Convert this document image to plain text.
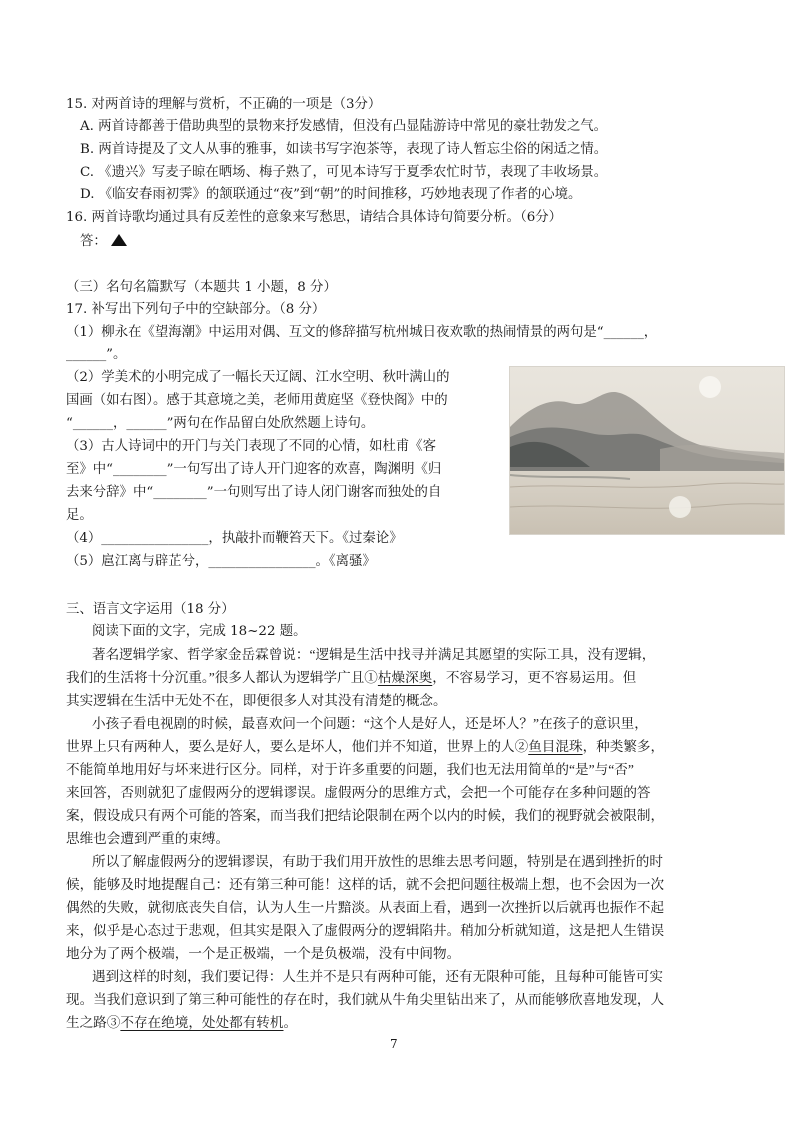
15. 对两首诗的理解与赏析，不正确的一项是（3分）
A. 两首诗都善于借助典型的景物来抒发感情，但没有凸显陆游诗中常见的豪壮勃发之气。
B. 两首诗提及了文人从事的雅事，如读书写字泡茶等，表现了诗人暂忘尘俗的闲适之情。
C. 《遗兴》写麦子晾在晒场、梅子熟了，可见本诗写于夏季农忙时节，表现了丰收场景。
D. 《临安春雨初霁》的颔联通过“夜”到“朝”的时间推移，巧妙地表现了作者的心境。
16. 两首诗歌均通过具有反差性的意象来写愁思，请结合具体诗句简要分析。（6分）
答：
（三）名句名篇默写（本题共 1 小题，8 分）
17. 补写出下列句子中的空缺部分。（8 分）
（1）柳永在《望海潮》中运用对偶、互文的修辞描写杭州城日夜欢歌的热闹情景的两句是“______，
______”。
（2）学美术的小明完成了一幅长天辽阔、江水空明、秋叶满山的
国画（如右图）。感于其意境之美，老师用黄庭坚《登快阁》中的
“______，______”两句在作品留白处欣然题上诗句。
（3）古人诗词中的开门与关门表现了不同的心情，如杜甫《客
至》中“________”一句写出了诗人开门迎客的欢喜，陶渊明《归
去来兮辞》中“________”一句则写出了诗人闭门谢客而独处的自
足。
（4）________________，执敲扑而鞭笞天下。《过秦论》
（5）扈江离与辟芷兮，________________。《离骚》
三、语言文字运用（18 分）
阅读下面的文字，完成 18~22 题。
著名逻辑学家、哲学家金岳霖曾说：“逻辑是生活中找寻并满足其愿望的实际工具，没有逻辑，
我们的生活将十分沉重。”很多人都认为逻辑学广且①枯燥深奥，不容易学习，更不容易运用。但
其实逻辑在生活中无处不在，即便很多人对其没有清楚的概念。
小孩子看电视剧的时候，最喜欢问一个问题：“这个人是好人，还是坏人？”在孩子的意识里，
世界上只有两种人，要么是好人，要么是坏人，他们并不知道，世界上的人②鱼目混珠，种类繁多，
不能简单地用好与坏来进行区分。同样，对于许多重要的问题，我们也无法用简单的“是”与“否”
来回答，否则就犯了虚假两分的逻辑谬误。虚假两分的思维方式，会把一个可能存在多种问题的答
案，假设成只有两个可能的答案，而当我们把结论限制在两个以内的时候，我们的视野就会被限制，
思维也会遭到严重的束缚。
所以了解虚假两分的逻辑谬误，有助于我们用开放性的思维去思考问题，特别是在遇到挫折的时
候，能够及时地提醒自己：还有第三种可能！这样的话，就不会把问题往极端上想，也不会因为一次
偶然的失败，就彻底丧失自信，认为人生一片黯淡。从表面上看，遇到一次挫折以后就再也振作不起
来，似乎是心态过于悲观，但其实是限入了虚假两分的逻辑陷井。稍加分析就知道，这是把人生错误
地分为了两个极端，一个是正极端，一个是负极端，没有中间物。
遇到这样的时刻，我们要记得：人生并不是只有两种可能，还有无限种可能，且每种可能皆可实
现。当我们意识到了第三种可能性的存在时，我们就从牛角尖里钻出来了，从而能够欣喜地发现，人
生之路③不存在绝境，处处都有转机。
7
